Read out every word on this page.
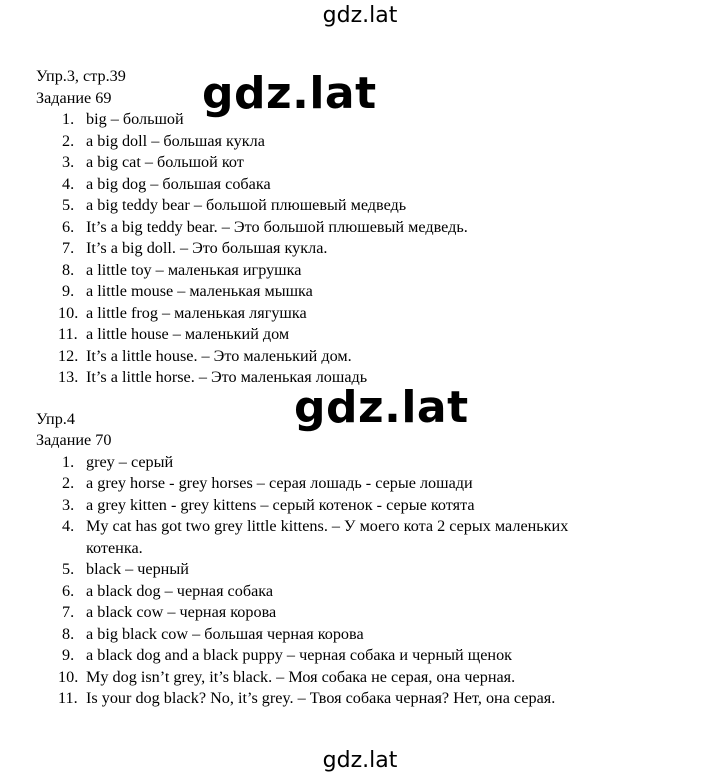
gdz.lat
gdz.lat
gdz.lat
gdz.lat

Упр.3, стр.39

Задание 69

1. big – большой
2. a big doll – большая кукла
3. a big cat – большой кот
4. a big dog – большая собака
5. a big teddy bear – большой плюшевый медведь
6. It’s a big teddy bear. – Это большой плюшевый медведь.
7. It’s a big doll. – Это большая кукла.
8. a little toy – маленькая игрушка
9. a little mouse – маленькая мышка
10. a little frog – маленькая лягушка
11. a little house – маленький дом
12. It’s a little house. – Это маленький дом.
13. It’s a little horse. – Это маленькая лошадь

Упр.4

Задание 70

1. grey – серый
2. a grey horse - grey horses – серая лошадь - серые лошади
3. a grey kitten - grey kittens – серый котенок - серые котята
4. My cat has got two grey little kittens. – У моего кота 2 серых маленьких
котенка.
5. black – черный
6. a black dog – черная собака
7. a black cow – черная корова
8. a big black cow – большая черная корова
9. a black dog and a black puppy – черная собака и черный щенок
10. My dog isn’t grey, it’s black. – Моя собака не серая, она черная.
11. Is your dog black? No, it’s grey. – Твоя собака черная? Нет, она серая.
